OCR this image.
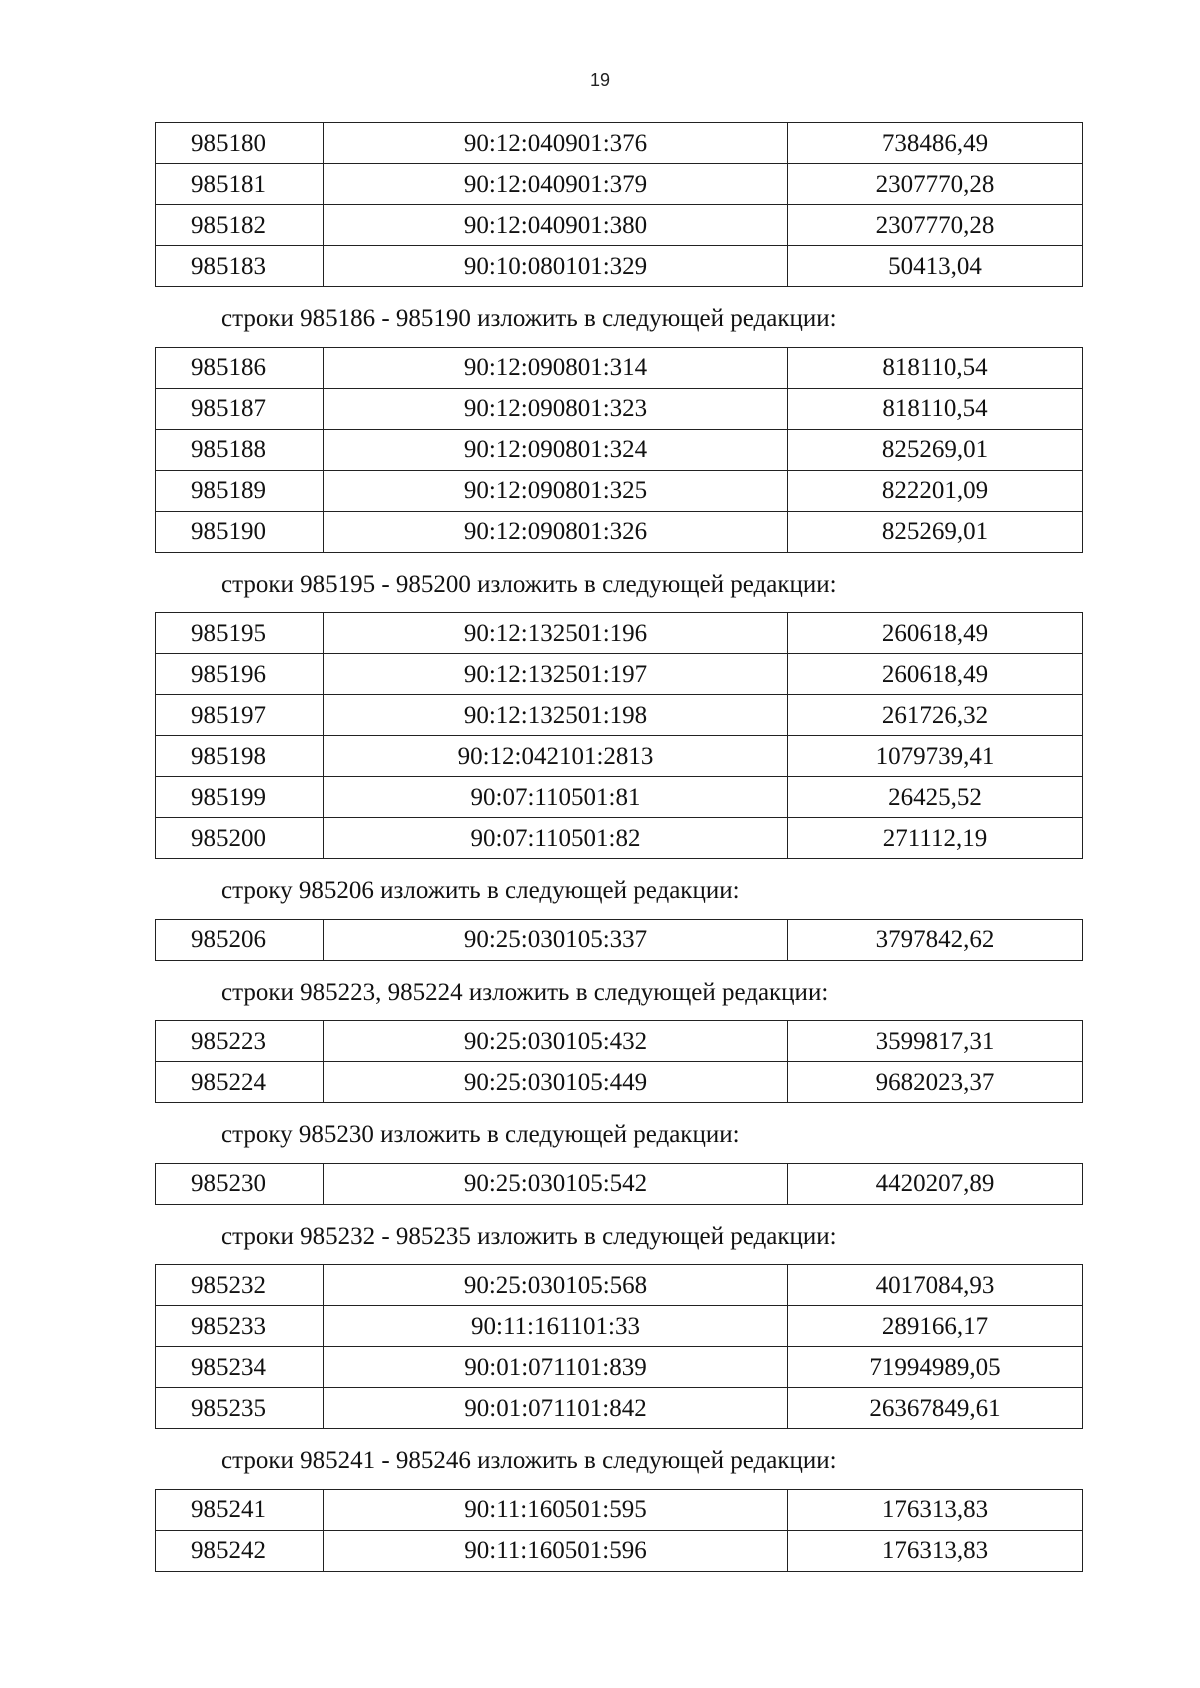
19
985180	90:12:040901:376	738486,49
985181	90:12:040901:379	2307770,28
985182	90:12:040901:380	2307770,28
985183	90:10:080101:329	50413,04
строки 985186 - 985190 изложить в следующей редакции:
985186	90:12:090801:314	818110,54
985187	90:12:090801:323	818110,54
985188	90:12:090801:324	825269,01
985189	90:12:090801:325	822201,09
985190	90:12:090801:326	825269,01
строки 985195 - 985200 изложить в следующей редакции:
985195	90:12:132501:196	260618,49
985196	90:12:132501:197	260618,49
985197	90:12:132501:198	261726,32
985198	90:12:042101:2813	1079739,41
985199	90:07:110501:81	26425,52
985200	90:07:110501:82	271112,19
строку 985206 изложить в следующей редакции:
985206	90:25:030105:337	3797842,62
строки 985223, 985224 изложить в следующей редакции:
985223	90:25:030105:432	3599817,31
985224	90:25:030105:449	9682023,37
строку 985230 изложить в следующей редакции:
985230	90:25:030105:542	4420207,89
строки 985232 - 985235 изложить в следующей редакции:
985232	90:25:030105:568	4017084,93
985233	90:11:161101:33	289166,17
985234	90:01:071101:839	71994989,05
985235	90:01:071101:842	26367849,61
строки 985241 - 985246 изложить в следующей редакции:
985241	90:11:160501:595	176313,83
985242	90:11:160501:596	176313,83
